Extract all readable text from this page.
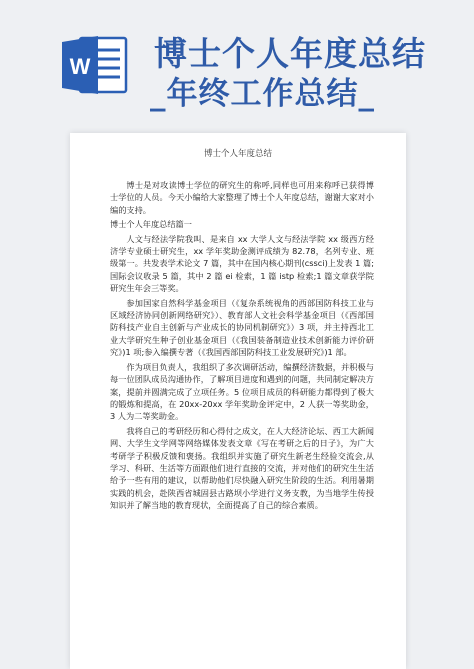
W 博士个人年度总结
_年终工作总结_
博士个人年度总结

博士是对攻读博士学位的研究生的称呼,同样也可用来称呼已获得博士学位的人员。今天小编给大家整理了博士个人年度总结，谢谢大家对小编的支持。

博士个人年度总结篇一

人文与经法学院我叫、是来自 xx 大学人文与经法学院 xx 级西方经济学专业硕士研究生，xx 学年奖助金测评成绩为 82.78，名列专业、班级第一。共发表学术论文 7 篇，其中在国内核心期刊(cssci)上发表 1 篇;国际会议收录 5 篇，其中 2 篇 ei 检索，1 篇 istp 检索;1 篇文章获学院研究生年会三等奖。

参加国家自然科学基金项目（《复杂系统视角的西部国防科技工业与区域经济协同创新网络研究》）、教育部人文社会科学基金项目（《西部国防科技产业自主创新与产业成长的协同机制研究》）3 项，并主持西北工业大学研究生种子创业基金项目（《我国装备制造业技术创新能力评价研究》)1 项;参入编撰专著（《我国西部国防科技工业发展研究》)1 部。

作为项目负责人，我组织了多次调研活动，编撰经济数据，并积极与每一位团队成员沟通协作，了解项目进度和遇到的问题，共同制定解决方案，提前并圆满完成了立项任务。5 位项目成员的科研能力都得到了极大的锻炼和提高，在 20xx-20xx 学年奖助金评定中，2 人获一等奖助金，3 人为二等奖助金。

我将自己的考研经历和心得付之成文，在人大经济论坛、西工大新闻网、大学生文学网等网络媒体发表文章《写在考研之后的日子》，为广大考研学子积极反馈和褒扬。我组织并实施了研究生新老生经验交流会,从学习、科研、生活等方面跟他们进行直接的交流，并对他们的研究生生活给予一些有用的建议，以帮助他们尽快融入研究生阶段的生活。利用暑期实践的机会，赴陕西省城固县古路坝小学进行义务支教，为当地学生传授知识并了解当地的教育现状，全面提高了自己的综合素质。
